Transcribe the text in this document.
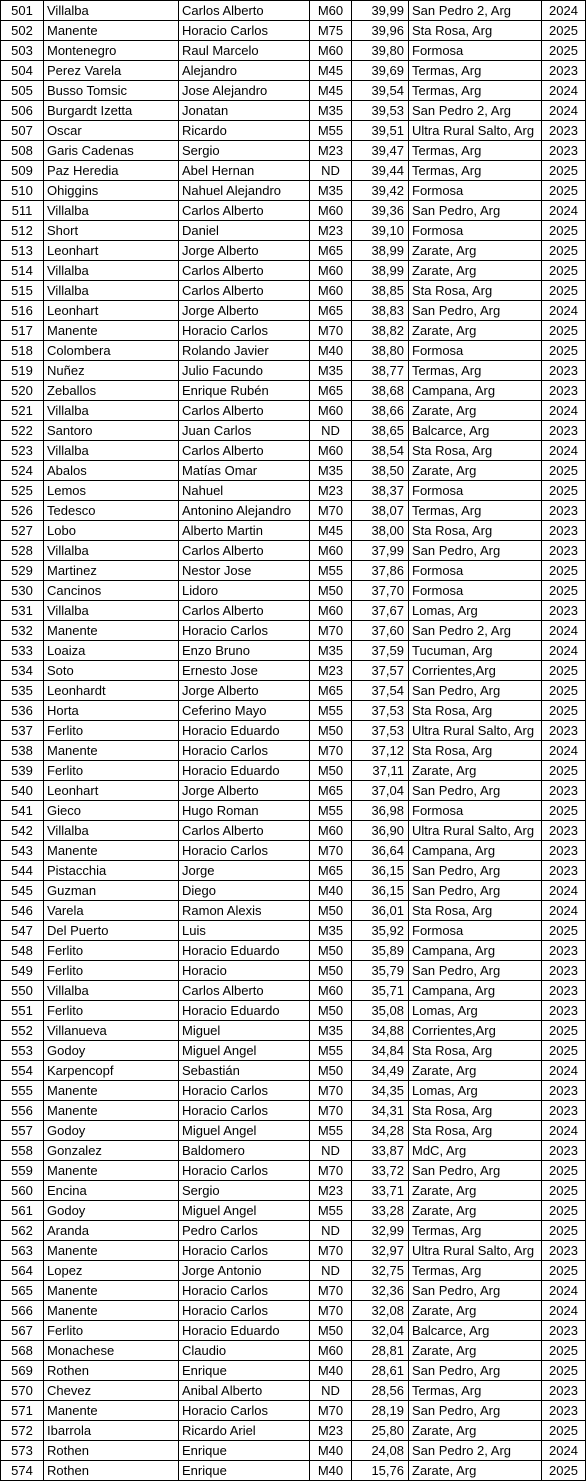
501	Villalba	Carlos Alberto	M60	39,99	San Pedro 2, Arg	2024
502	Manente	Horacio Carlos	M75	39,96	Sta Rosa, Arg	2025
503	Montenegro	Raul Marcelo	M60	39,80	Formosa	2025
504	Perez Varela	Alejandro	M45	39,69	Termas, Arg	2023
505	Busso Tomsic	Jose Alejandro	M45	39,54	Termas, Arg	2024
506	Burgardt Izetta	Jonatan	M35	39,53	San Pedro 2, Arg	2024
507	Oscar	Ricardo	M55	39,51	Ultra Rural Salto, Arg	2023
508	Garis Cadenas	Sergio	M23	39,47	Termas, Arg	2023
509	Paz Heredia	Abel Hernan	ND	39,44	Termas, Arg	2025
510	Ohiggins	Nahuel Alejandro	M35	39,42	Formosa	2025
511	Villalba	Carlos Alberto	M60	39,36	San Pedro, Arg	2024
512	Short	Daniel	M23	39,10	Formosa	2025
513	Leonhart	Jorge Alberto	M65	38,99	Zarate, Arg	2025
514	Villalba	Carlos Alberto	M60	38,99	Zarate, Arg	2025
515	Villalba	Carlos Alberto	M60	38,85	Sta Rosa, Arg	2025
516	Leonhart	Jorge Alberto	M65	38,83	San Pedro, Arg	2024
517	Manente	Horacio Carlos	M70	38,82	Zarate, Arg	2025
518	Colombera	Rolando Javier	M40	38,80	Formosa	2025
519	Nuñez	Julio Facundo	M35	38,77	Termas, Arg	2023
520	Zeballos	Enrique Rubén	M65	38,68	Campana, Arg	2023
521	Villalba	Carlos Alberto	M60	38,66	Zarate, Arg	2024
522	Santoro	Juan Carlos	ND	38,65	Balcarce, Arg	2023
523	Villalba	Carlos Alberto	M60	38,54	Sta Rosa, Arg	2024
524	Abalos	Matías Omar	M35	38,50	Zarate, Arg	2025
525	Lemos	Nahuel	M23	38,37	Formosa	2025
526	Tedesco	Antonino Alejandro	M70	38,07	Termas, Arg	2023
527	Lobo	Alberto Martin	M45	38,00	Sta Rosa, Arg	2023
528	Villalba	Carlos Alberto	M60	37,99	San Pedro, Arg	2023
529	Martinez	Nestor Jose	M55	37,86	Formosa	2025
530	Cancinos	Lidoro	M50	37,70	Formosa	2025
531	Villalba	Carlos Alberto	M60	37,67	Lomas, Arg	2023
532	Manente	Horacio Carlos	M70	37,60	San Pedro 2, Arg	2024
533	Loaiza	Enzo Bruno	M35	37,59	Tucuman, Arg	2024
534	Soto	Ernesto Jose	M23	37,57	Corrientes,Arg	2025
535	Leonhardt	Jorge Alberto	M65	37,54	San Pedro, Arg	2025
536	Horta	Ceferino Mayo	M55	37,53	Sta Rosa, Arg	2025
537	Ferlito	Horacio Eduardo	M50	37,53	Ultra Rural Salto, Arg	2023
538	Manente	Horacio Carlos	M70	37,12	Sta Rosa, Arg	2024
539	Ferlito	Horacio Eduardo	M50	37,11	Zarate, Arg	2025
540	Leonhart	Jorge Alberto	M65	37,04	San Pedro, Arg	2023
541	Gieco	Hugo Roman	M55	36,98	Formosa	2025
542	Villalba	Carlos Alberto	M60	36,90	Ultra Rural Salto, Arg	2023
543	Manente	Horacio Carlos	M70	36,64	Campana, Arg	2023
544	Pistacchia	Jorge	M65	36,15	San Pedro, Arg	2023
545	Guzman	Diego	M40	36,15	San Pedro, Arg	2024
546	Varela	Ramon Alexis	M50	36,01	Sta Rosa, Arg	2024
547	Del Puerto	Luis	M35	35,92	Formosa	2025
548	Ferlito	Horacio Eduardo	M50	35,89	Campana, Arg	2023
549	Ferlito	Horacio	M50	35,79	San Pedro, Arg	2023
550	Villalba	Carlos Alberto	M60	35,71	Campana, Arg	2023
551	Ferlito	Horacio Eduardo	M50	35,08	Lomas, Arg	2023
552	Villanueva	Miguel	M35	34,88	Corrientes,Arg	2025
553	Godoy	Miguel Angel	M55	34,84	Sta Rosa, Arg	2025
554	Karpencopf	Sebastián	M50	34,49	Zarate, Arg	2024
555	Manente	Horacio Carlos	M70	34,35	Lomas, Arg	2023
556	Manente	Horacio Carlos	M70	34,31	Sta Rosa, Arg	2023
557	Godoy	Miguel Angel	M55	34,28	Sta Rosa, Arg	2024
558	Gonzalez	Baldomero	ND	33,87	MdC, Arg	2023
559	Manente	Horacio Carlos	M70	33,72	San Pedro, Arg	2025
560	Encina	Sergio	M23	33,71	Zarate, Arg	2025
561	Godoy	Miguel Angel	M55	33,28	Zarate, Arg	2025
562	Aranda	Pedro Carlos	ND	32,99	Termas, Arg	2025
563	Manente	Horacio Carlos	M70	32,97	Ultra Rural Salto, Arg	2023
564	Lopez	Jorge Antonio	ND	32,75	Termas, Arg	2025
565	Manente	Horacio Carlos	M70	32,36	San Pedro, Arg	2024
566	Manente	Horacio Carlos	M70	32,08	Zarate, Arg	2024
567	Ferlito	Horacio Eduardo	M50	32,04	Balcarce, Arg	2023
568	Monachese	Claudio	M60	28,81	Zarate, Arg	2025
569	Rothen	Enrique	M40	28,61	San Pedro, Arg	2025
570	Chevez	Anibal Alberto	ND	28,56	Termas, Arg	2023
571	Manente	Horacio Carlos	M70	28,19	San Pedro, Arg	2023
572	Ibarrola	Ricardo Ariel	M23	25,80	Zarate, Arg	2025
573	Rothen	Enrique	M40	24,08	San Pedro 2, Arg	2024
574	Rothen	Enrique	M40	15,76	Zarate, Arg	2025
